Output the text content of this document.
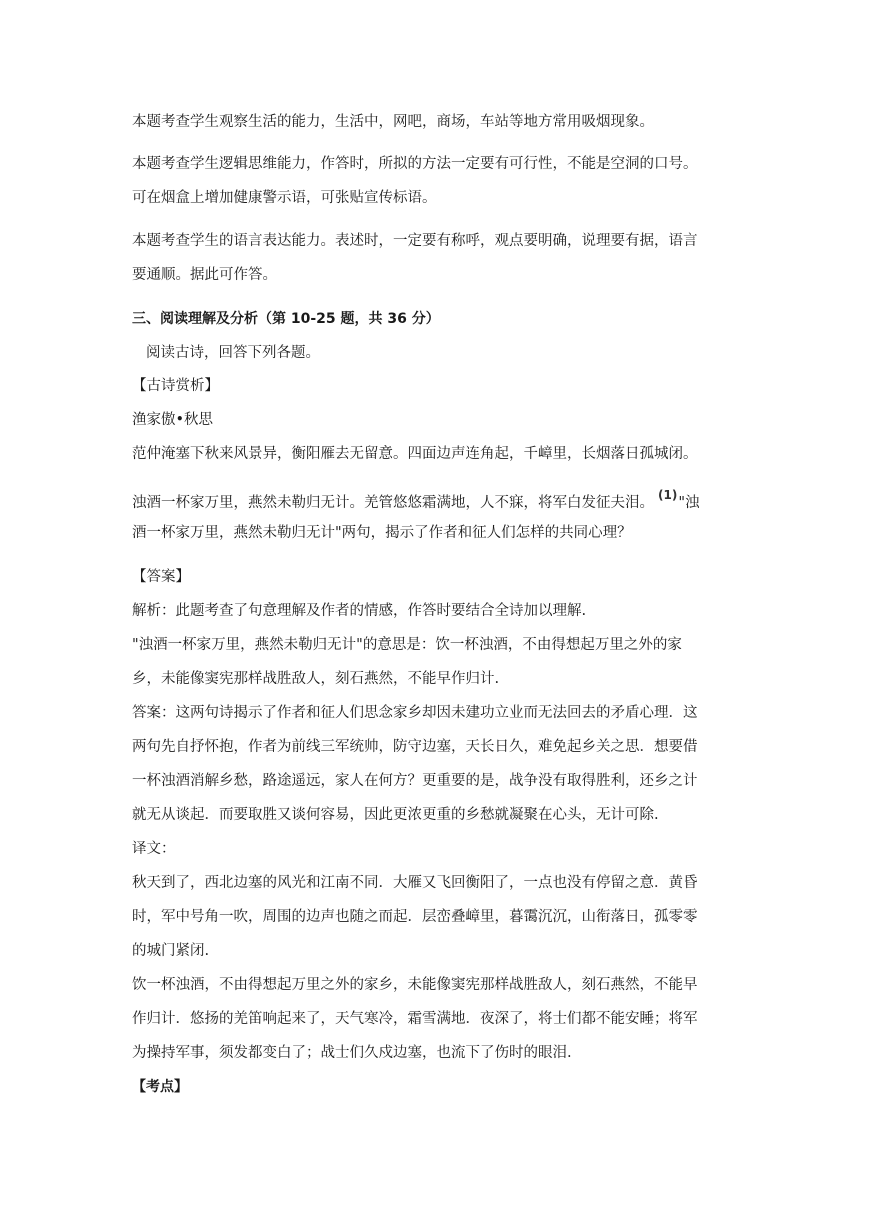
本题考查学生观察生活的能力，生活中，网吧，商场，车站等地方常用吸烟现象。
本题考查学生逻辑思维能力，作答时，所拟的方法一定要有可行性，不能是空洞的口号。
可在烟盒上增加健康警示语，可张贴宣传标语。
本题考查学生的语言表达能力。表述时，一定要有称呼，观点要明确，说理要有据，语言
要通顺。据此可作答。
三、阅读理解及分析（第 10-25 题，共 36 分）
阅读古诗，回答下列各题。
【古诗赏析】
渔家傲•秋思
范仲淹塞下秋来风景异，衡阳雁去无留意。四面边声连角起，千嶂里，长烟落日孤城闭。
浊酒一杯家万里，燕然未勒归无计。羌管悠悠霜满地，人不寐，将军白发征夫泪。 $^{(1)}$"浊
酒一杯家万里，燕然未勒归无计"两句，揭示了作者和征人们怎样的共同心理？
【答案】
解析：此题考查了句意理解及作者的情感，作答时要结合全诗加以理解.
"浊酒一杯家万里，燕然未勒归无计"的意思是：饮一杯浊酒，不由得想起万里之外的家
乡，未能像窦宪那样战胜敌人，刻石燕然，不能早作归计.
答案：这两句诗揭示了作者和征人们思念家乡却因未建功立业而无法回去的矛盾心理．这
两句先自抒怀抱，作者为前线三军统帅，防守边塞，天长日久，难免起乡关之思．想要借
一杯浊酒消解乡愁，路途遥远，家人在何方？更重要的是，战争没有取得胜利，还乡之计
就无从谈起．而要取胜又谈何容易，因此更浓更重的乡愁就凝聚在心头，无计可除.
译文：
秋天到了，西北边塞的风光和江南不同．大雁又飞回衡阳了，一点也没有停留之意．黄昏
时，军中号角一吹，周围的边声也随之而起．层峦叠嶂里，暮霭沉沉，山衔落日，孤零零
的城门紧闭.
饮一杯浊酒，不由得想起万里之外的家乡，未能像窦宪那样战胜敌人，刻石燕然，不能早
作归计．悠扬的羌笛响起来了，天气寒冷，霜雪满地．夜深了，将士们都不能安睡；将军
为操持军事，须发都变白了；战士们久戍边塞，也流下了伤时的眼泪.
【考点】
